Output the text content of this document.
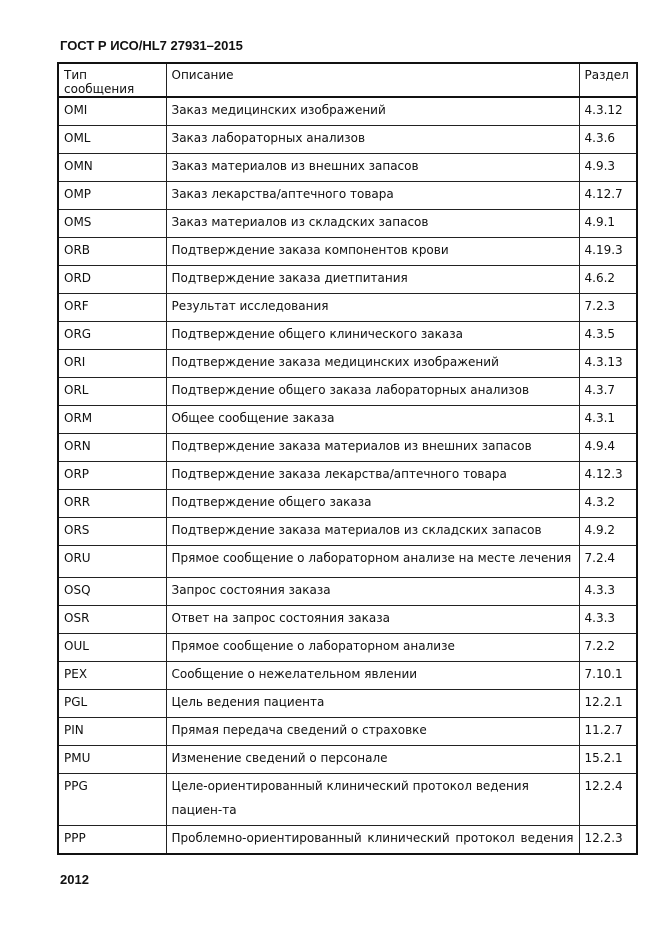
ГОСТ Р ИСО/HL7 27931–2015
Тип сообщения	Описание	Раздел
OMI	Заказ медицинских изображений	4.3.12
OML	Заказ лабораторных анализов	4.3.6
OMN	Заказ материалов из внешних запасов	4.9.3
OMP	Заказ лекарства/аптечного товара	4.12.7
OMS	Заказ материалов из складских запасов	4.9.1
ORB	Подтверждение заказа компонентов крови	4.19.3
ORD	Подтверждение заказа диетпитания	4.6.2
ORF	Результат исследования	7.2.3
ORG	Подтверждение общего клинического заказа	4.3.5
ORI	Подтверждение заказа медицинских изображений	4.3.13
ORL	Подтверждение общего заказа лабораторных анализов	4.3.7
ORM	Общее сообщение заказа	4.3.1
ORN	Подтверждение заказа материалов из внешних запасов	4.9.4
ORP	Подтверждение заказа лекарства/аптечного товара	4.12.3
ORR	Подтверждение общего заказа	4.3.2
ORS	Подтверждение заказа материалов из складских запасов	4.9.2
ORU	Прямое сообщение о лабораторном анализе на месте лечения	7.2.4
OSQ	Запрос состояния заказа	4.3.3
OSR	Ответ на запрос состояния заказа	4.3.3
OUL	Прямое сообщение о лабораторном анализе	7.2.2
PEX	Сообщение о нежелательном явлении	7.10.1
PGL	Цель ведения пациента	12.2.1
PIN	Прямая передача сведений о страховке	11.2.7
PMU	Изменение сведений о персонале	15.2.1
PPG	Целе-ориентированный клинический протокол ведения пациен-та	12.2.4
PPP	Проблемно-ориентированный клинический протокол ведения	12.2.3
2012
